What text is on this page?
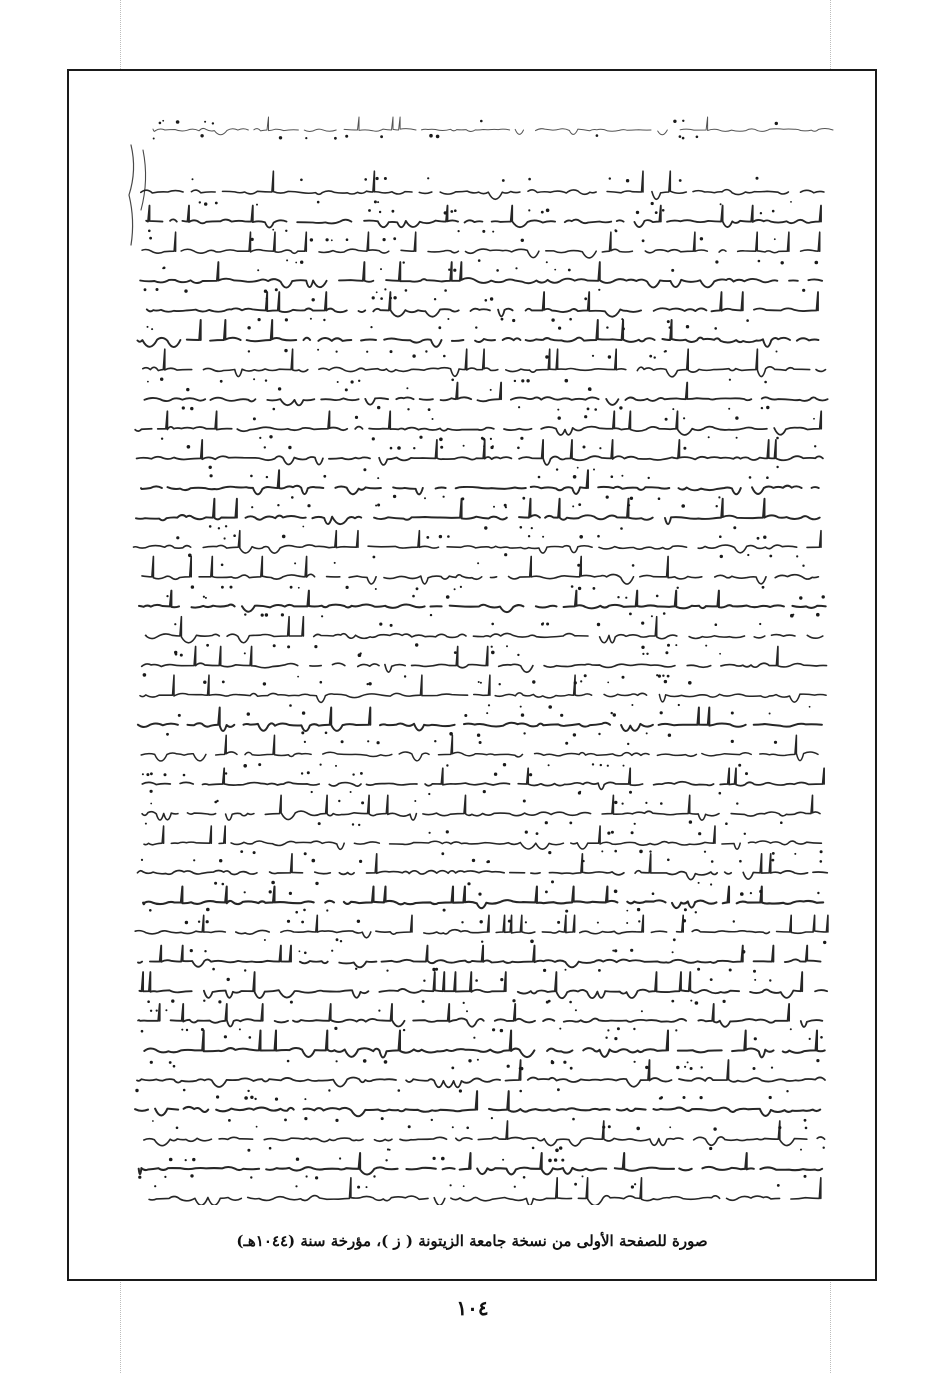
صورة للصفحة الأولى من نسخة جامعة الزيتونة ( ز )، مؤرخة سنة (١٠٤٤هـ)
١٠٤
